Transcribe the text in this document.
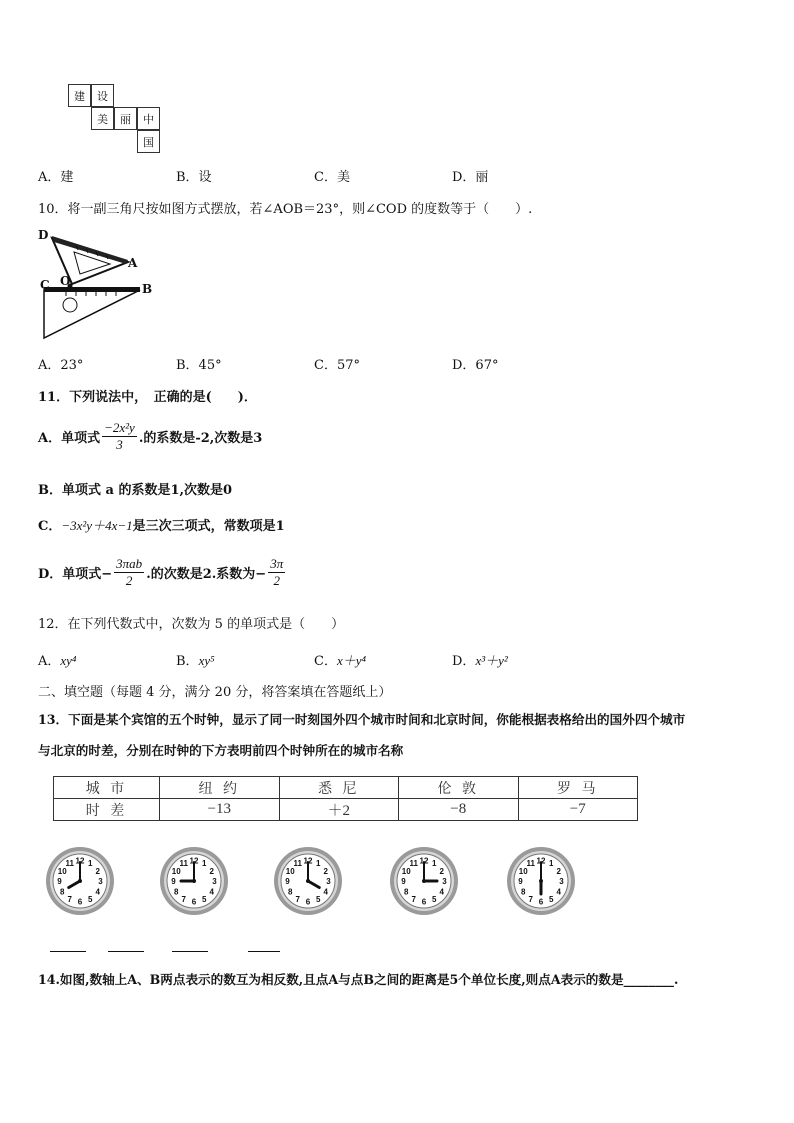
建	设
美	丽	中
国
A．建	B．设	C．美	D．丽
10．将一副三角尺按如图方式摆放，若∠AOB＝23°，则∠COD 的度数等于（　　）.
D
A
C O
B
A．23°	B．45°	C．57°	D．67°
11．下列说法中，　正确的是(　　)．
A．单项式 $\frac{\text{−2x²y}}{3}$ .的系数是-2,次数是3
B．单项式 a 的系数是1,次数是0
C．−3x²y＋4x−1是三次三项式，常数项是1
D．单项式− $\frac{\text{3πab}}{2}$ .的次数是2.系数为− $\frac{3\pi}{2}$
12．在下列代数式中，次数为 5 的单项式是（　　）
A．xy⁴	B．xy⁵	C．x＋y⁴	D．x³＋y²
二、填空题（每题 4 分，满分 20 分，将答案填在答题纸上）
13．下面是某个宾馆的五个时钟，显示了同一时刻国外四个城市时间和北京时间，你能根据表格给出的国外四个城市
与北京的时差，分别在时钟的下方表明前四个时钟所在的城市名称
城 市	纽 约	悉 尼	伦 敦	罗 马
时 差	−13	＋2	−8	−7
1
2
3
4
5
6
7
8
9
10
11 12	1
2
3
4
5
6
7
8
9
10
11 12	1
2
3
4
5
6
7
8
9
10
11 12	1
2
3
4
5
6
7
8
9
10
11 12	1
2
3
4
5
6
7
8
9
10
11 12
14.如图,数轴上A、B两点表示的数互为相反数,且点A与点B之间的距离是5个单位长度,则点A表示的数是________.
